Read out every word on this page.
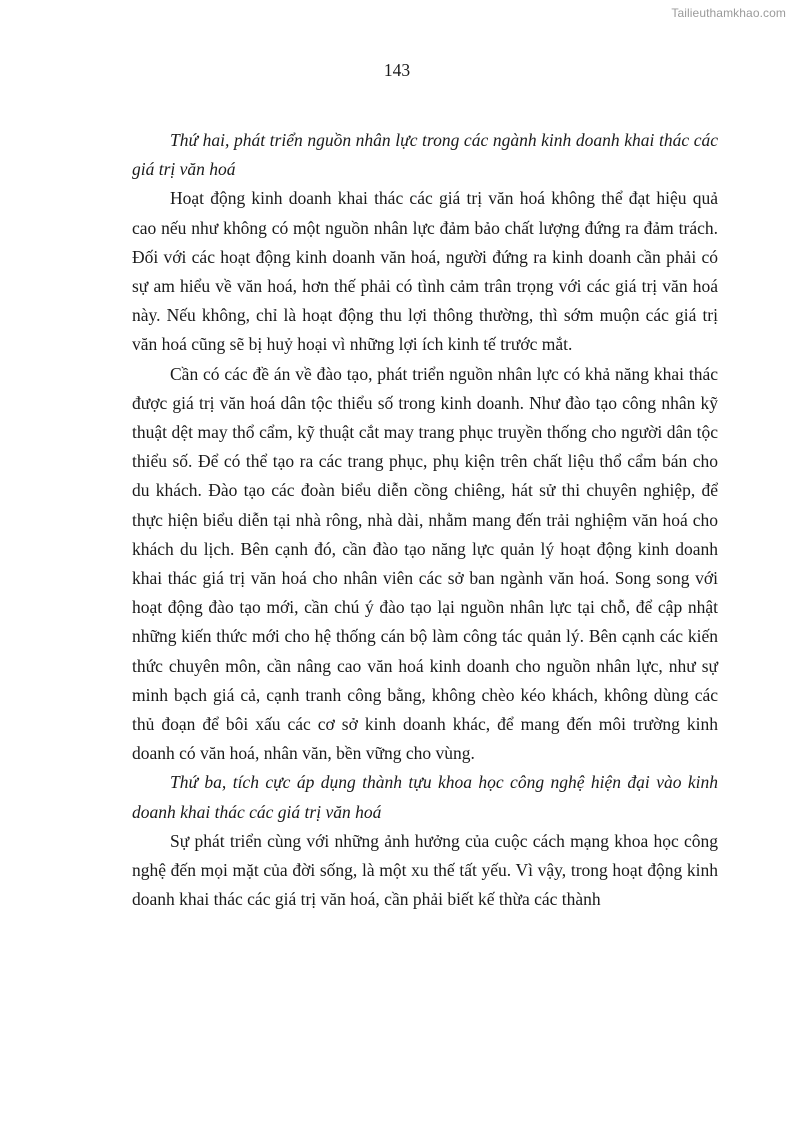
Tailieuthamkhao.com
143

Thứ hai, phát triển nguồn nhân lực trong các ngành kinh doanh khai thác các giá trị văn hoá

Hoạt động kinh doanh khai thác các giá trị văn hoá không thể đạt hiệu quả cao nếu như không có một nguồn nhân lực đảm bảo chất lượng đứng ra đảm trách. Đối với các hoạt động kinh doanh văn hoá, người đứng ra kinh doanh cần phải có sự am hiểu về văn hoá, hơn thế phải có tình cảm trân trọng với các giá trị văn hoá này. Nếu không, chỉ là hoạt động thu lợi thông thường, thì sớm muộn các giá trị văn hoá cũng sẽ bị huỷ hoại vì những lợi ích kinh tế trước mắt.

Cần có các đề án về đào tạo, phát triển nguồn nhân lực có khả năng khai thác được giá trị văn hoá dân tộc thiểu số trong kinh doanh. Như đào tạo công nhân kỹ thuật dệt may thổ cẩm, kỹ thuật cắt may trang phục truyền thống cho người dân tộc thiểu số. Để có thể tạo ra các trang phục, phụ kiện trên chất liệu thổ cẩm bán cho du khách. Đào tạo các đoàn biểu diễn cồng chiêng, hát sử thi chuyên nghiệp, để thực hiện biểu diễn tại nhà rông, nhà dài, nhằm mang đến trải nghiệm văn hoá cho khách du lịch. Bên cạnh đó, cần đào tạo năng lực quản lý hoạt động kinh doanh khai thác giá trị văn hoá cho nhân viên các sở ban ngành văn hoá. Song song với hoạt động đào tạo mới, cần chú ý đào tạo lại nguồn nhân lực tại chỗ, để cập nhật những kiến thức mới cho hệ thống cán bộ làm công tác quản lý. Bên cạnh các kiến thức chuyên môn, cần nâng cao văn hoá kinh doanh cho nguồn nhân lực, như sự minh bạch giá cả, cạnh tranh công bằng, không chèo kéo khách, không dùng các thủ đoạn để bôi xấu các cơ sở kinh doanh khác, để mang đến môi trường kinh doanh có văn hoá, nhân văn, bền vững cho vùng.

Thứ ba, tích cực áp dụng thành tựu khoa học công nghệ hiện đại vào kinh doanh khai thác các giá trị văn hoá

Sự phát triển cùng với những ảnh hưởng của cuộc cách mạng khoa học công nghệ đến mọi mặt của đời sống, là một xu thế tất yếu. Vì vậy, trong hoạt động kinh doanh khai thác các giá trị văn hoá, cần phải biết kế thừa các thành
